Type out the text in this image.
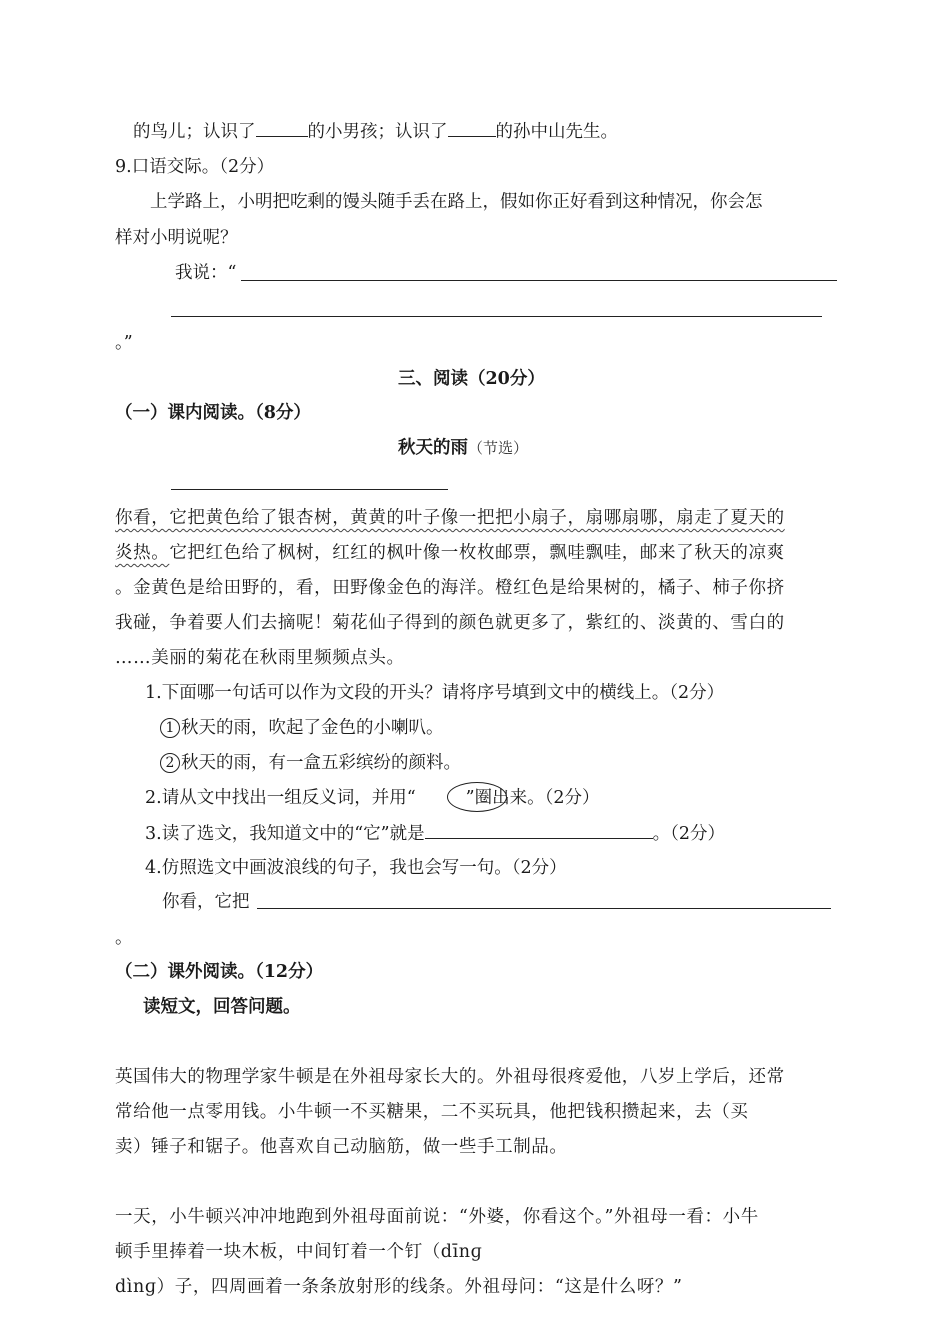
的鸟儿；认识了	的小男孩；认识了	的孙中山先生。
9.口语交际。（2分）
上学路上，小明把吃剩的馒头随手丢在路上，假如你正好看到这种情况，你会怎
样对小明说呢？
我说：“
。”
三、阅读（20分）
（一）课内阅读。（8分）
秋天的雨（节选）
你看，它把黄色给了银杏树，黄黄的叶子像一把把小扇子，扇哪扇哪，扇走了夏天的
炎热。它把红色给了枫树，红红的枫叶像一枚枚邮票，飘哇飘哇，邮来了秋天的凉爽
。金黄色是给田野的，看，田野像金色的海洋。橙红色是给果树的，橘子、柿子你挤
我碰，争着要人们去摘呢！菊花仙子得到的颜色就更多了，紫红的、淡黄的、雪白的
……美丽的菊花在秋雨里频频点头。
1.下面哪一句话可以作为文段的开头？请将序号填到文中的横线上。（2分）
1 秋天的雨，吹起了金色的小喇叭。
2 秋天的雨，有一盒五彩缤纷的颜料。
2.请从文中找出一组反义词，并用“	”圈出来。（2分）
3.读了选文，我知道文中的“它”就是	。（2分）
4.仿照选文中画波浪线的句子，我也会写一句。（2分）
你看，它把
。
（二）课外阅读。（12分）
读短文，回答问题。
英国伟大的物理学家牛顿是在外祖母家长大的。外祖母很疼爱他，八岁上学后，还常
常给他一点零用钱。小牛顿一不买糖果，二不买玩具，他把钱积攒起来，去（买
卖）锤子和锯子。他喜欢自己动脑筋，做一些手工制品。
一天，小牛顿兴冲冲地跑到外祖母面前说：“外婆，你看这个。”外祖母一看：小牛
顿手里捧着一块木板，中间钉着一个钉（dīnɡ
dìnɡ）子，四周画着一条条放射形的线条。外祖母问：“这是什么呀？”
